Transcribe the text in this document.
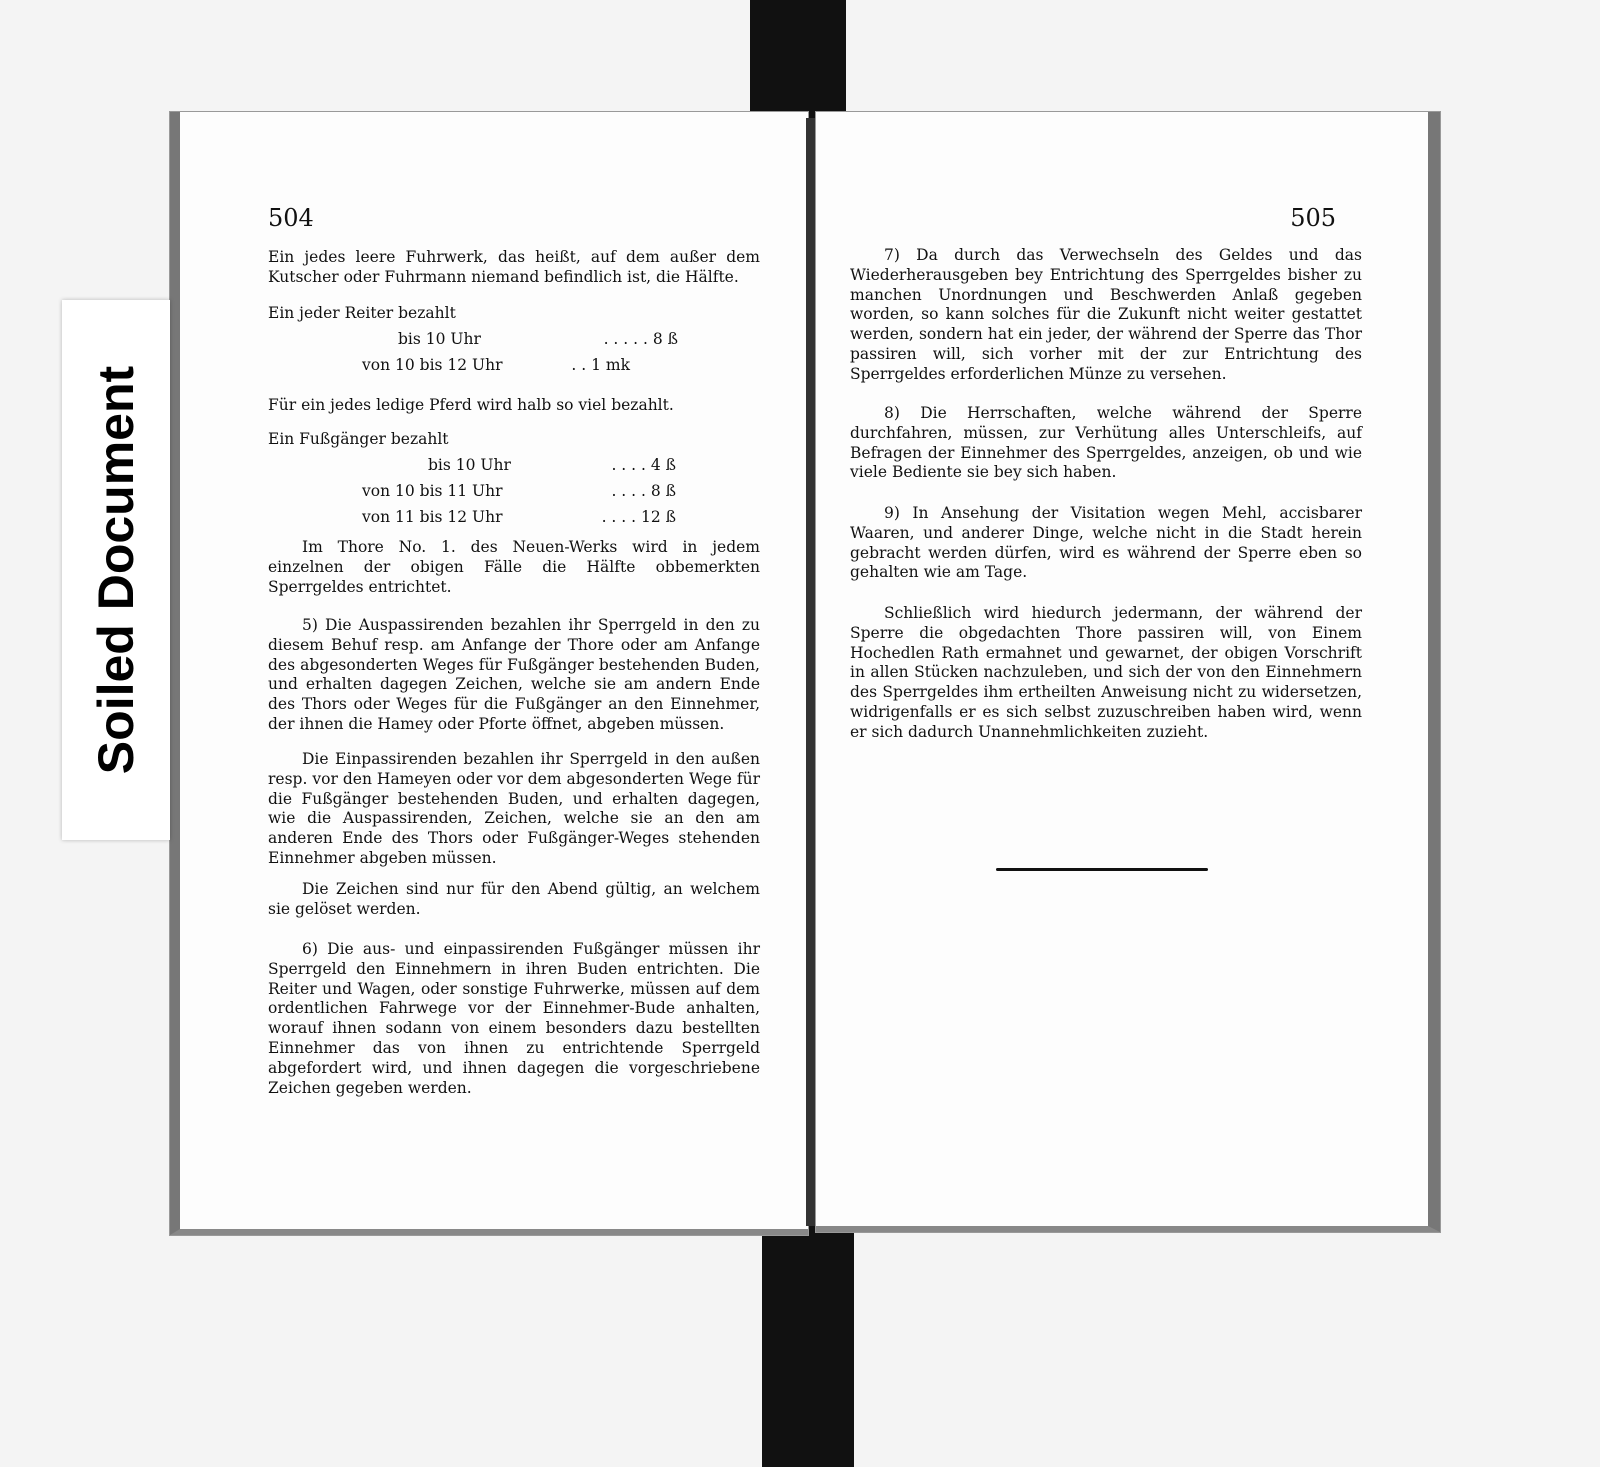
504
Ein jedes leere Fuhrwerk, das heißt, auf dem außer dem Kutscher oder Fuhrmann niemand befindlich ist, die Hälfte.
Ein jeder Reiter bezahlt
bis 10 Uhr	. . . . . 8 ß
von 10 bis 12 Uhr	. . 1 mk
Für ein jedes ledige Pferd wird halb so viel bezahlt.
Ein Fußgänger bezahlt
bis 10 Uhr	. . . . 4 ß
von 10 bis 11 Uhr	. . . . 8 ß
von 11 bis 12 Uhr	. . . . 12 ß
Im Thore No. 1. des Neuen-Werks wird in jedem einzelnen der obigen Fälle die Hälfte obbemerkten Sperrgeldes entrichtet.
5) Die Auspassirenden bezahlen ihr Sperrgeld in den zu diesem Behuf resp. am Anfange der Thore oder am Anfange des abgesonderten Weges für Fußgänger bestehenden Buden, und erhalten dagegen Zeichen, welche sie am andern Ende des Thors oder Weges für die Fußgänger an den Einnehmer, der ihnen die Hamey oder Pforte öffnet, abgeben müssen.
Die Einpassirenden bezahlen ihr Sperrgeld in den außen resp. vor den Hameyen oder vor dem abgesonderten Wege für die Fußgänger bestehenden Buden, und erhalten dagegen, wie die Auspassirenden, Zeichen, welche sie an den am anderen Ende des Thors oder Fußgänger-Weges stehenden Einnehmer abgeben müssen.
Die Zeichen sind nur für den Abend gültig, an welchem sie gelöset werden.
6) Die aus- und einpassirenden Fußgänger müssen ihr Sperrgeld den Einnehmern in ihren Buden entrichten. Die Reiter und Wagen, oder sonstige Fuhrwerke, müssen auf dem ordentlichen Fahrwege vor der Einnehmer-Bude anhalten, worauf ihnen sodann von einem besonders dazu bestellten Einnehmer das von ihnen zu entrichtende Sperrgeld abgefordert wird, und ihnen dagegen die vorgeschriebene Zeichen gegeben werden.
505
7) Da durch das Verwechseln des Geldes und das Wiederherausgeben bey Entrichtung des Sperrgeldes bisher zu manchen Unordnungen und Beschwerden Anlaß gegeben worden, so kann solches für die Zukunft nicht weiter gestattet werden, sondern hat ein jeder, der während der Sperre das Thor passiren will, sich vorher mit der zur Entrichtung des Sperrgeldes erforderlichen Münze zu versehen.
8) Die Herrschaften, welche während der Sperre durchfahren, müssen, zur Verhütung alles Unterschleifs, auf Befragen der Einnehmer des Sperrgeldes, anzeigen, ob und wie viele Bediente sie bey sich haben.
9) In Ansehung der Visitation wegen Mehl, accisbarer Waaren, und anderer Dinge, welche nicht in die Stadt herein gebracht werden dürfen, wird es während der Sperre eben so gehalten wie am Tage.
Schließlich wird hiedurch jedermann, der während der Sperre die obgedachten Thore passiren will, von Einem Hochedlen Rath ermahnet und gewarnet, der obigen Vorschrift in allen Stücken nachzuleben, und sich der von den Einnehmern des Sperrgeldes ihm ertheilten Anweisung nicht zu widersetzen, widrigenfalls er es sich selbst zuzuschreiben haben wird, wenn er sich dadurch Unannehmlichkeiten zuzieht.
Soiled Document
